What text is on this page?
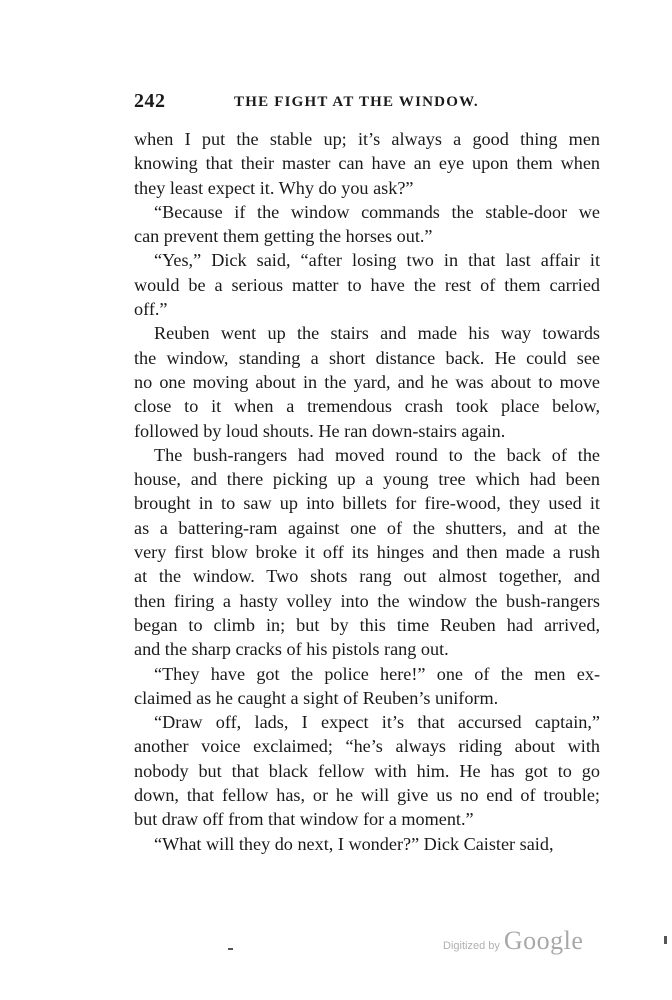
242	THE FIGHT AT THE WINDOW.
when I put the stable up; it’s always a good thing men
knowing that their master can have an eye upon them when
they least expect it. Why do you ask?”
“Because if the window commands the stable-door we
can prevent them getting the horses out.”
“Yes,” Dick said, “after losing two in that last affair it
would be a serious matter to have the rest of them carried
off.”
Reuben went up the stairs and made his way towards
the window, standing a short distance back. He could see
no one moving about in the yard, and he was about to move
close to it when a tremendous crash took place below,
followed by loud shouts. He ran down-stairs again.
The bush-rangers had moved round to the back of the
house, and there picking up a young tree which had been
brought in to saw up into billets for fire-wood, they used it
as a battering-ram against one of the shutters, and at the
very first blow broke it off its hinges and then made a rush
at the window. Two shots rang out almost together, and
then firing a hasty volley into the window the bush-rangers
began to climb in; but by this time Reuben had arrived,
and the sharp cracks of his pistols rang out.
“They have got the police here!” one of the men ex-
claimed as he caught a sight of Reuben’s uniform.
“Draw off, lads, I expect it’s that accursed captain,”
another voice exclaimed; “he’s always riding about with
nobody but that black fellow with him. He has got to go
down, that fellow has, or he will give us no end of trouble;
but draw off from that window for a moment.”
“What will they do next, I wonder?” Dick Caister said,
Digitized by Google
